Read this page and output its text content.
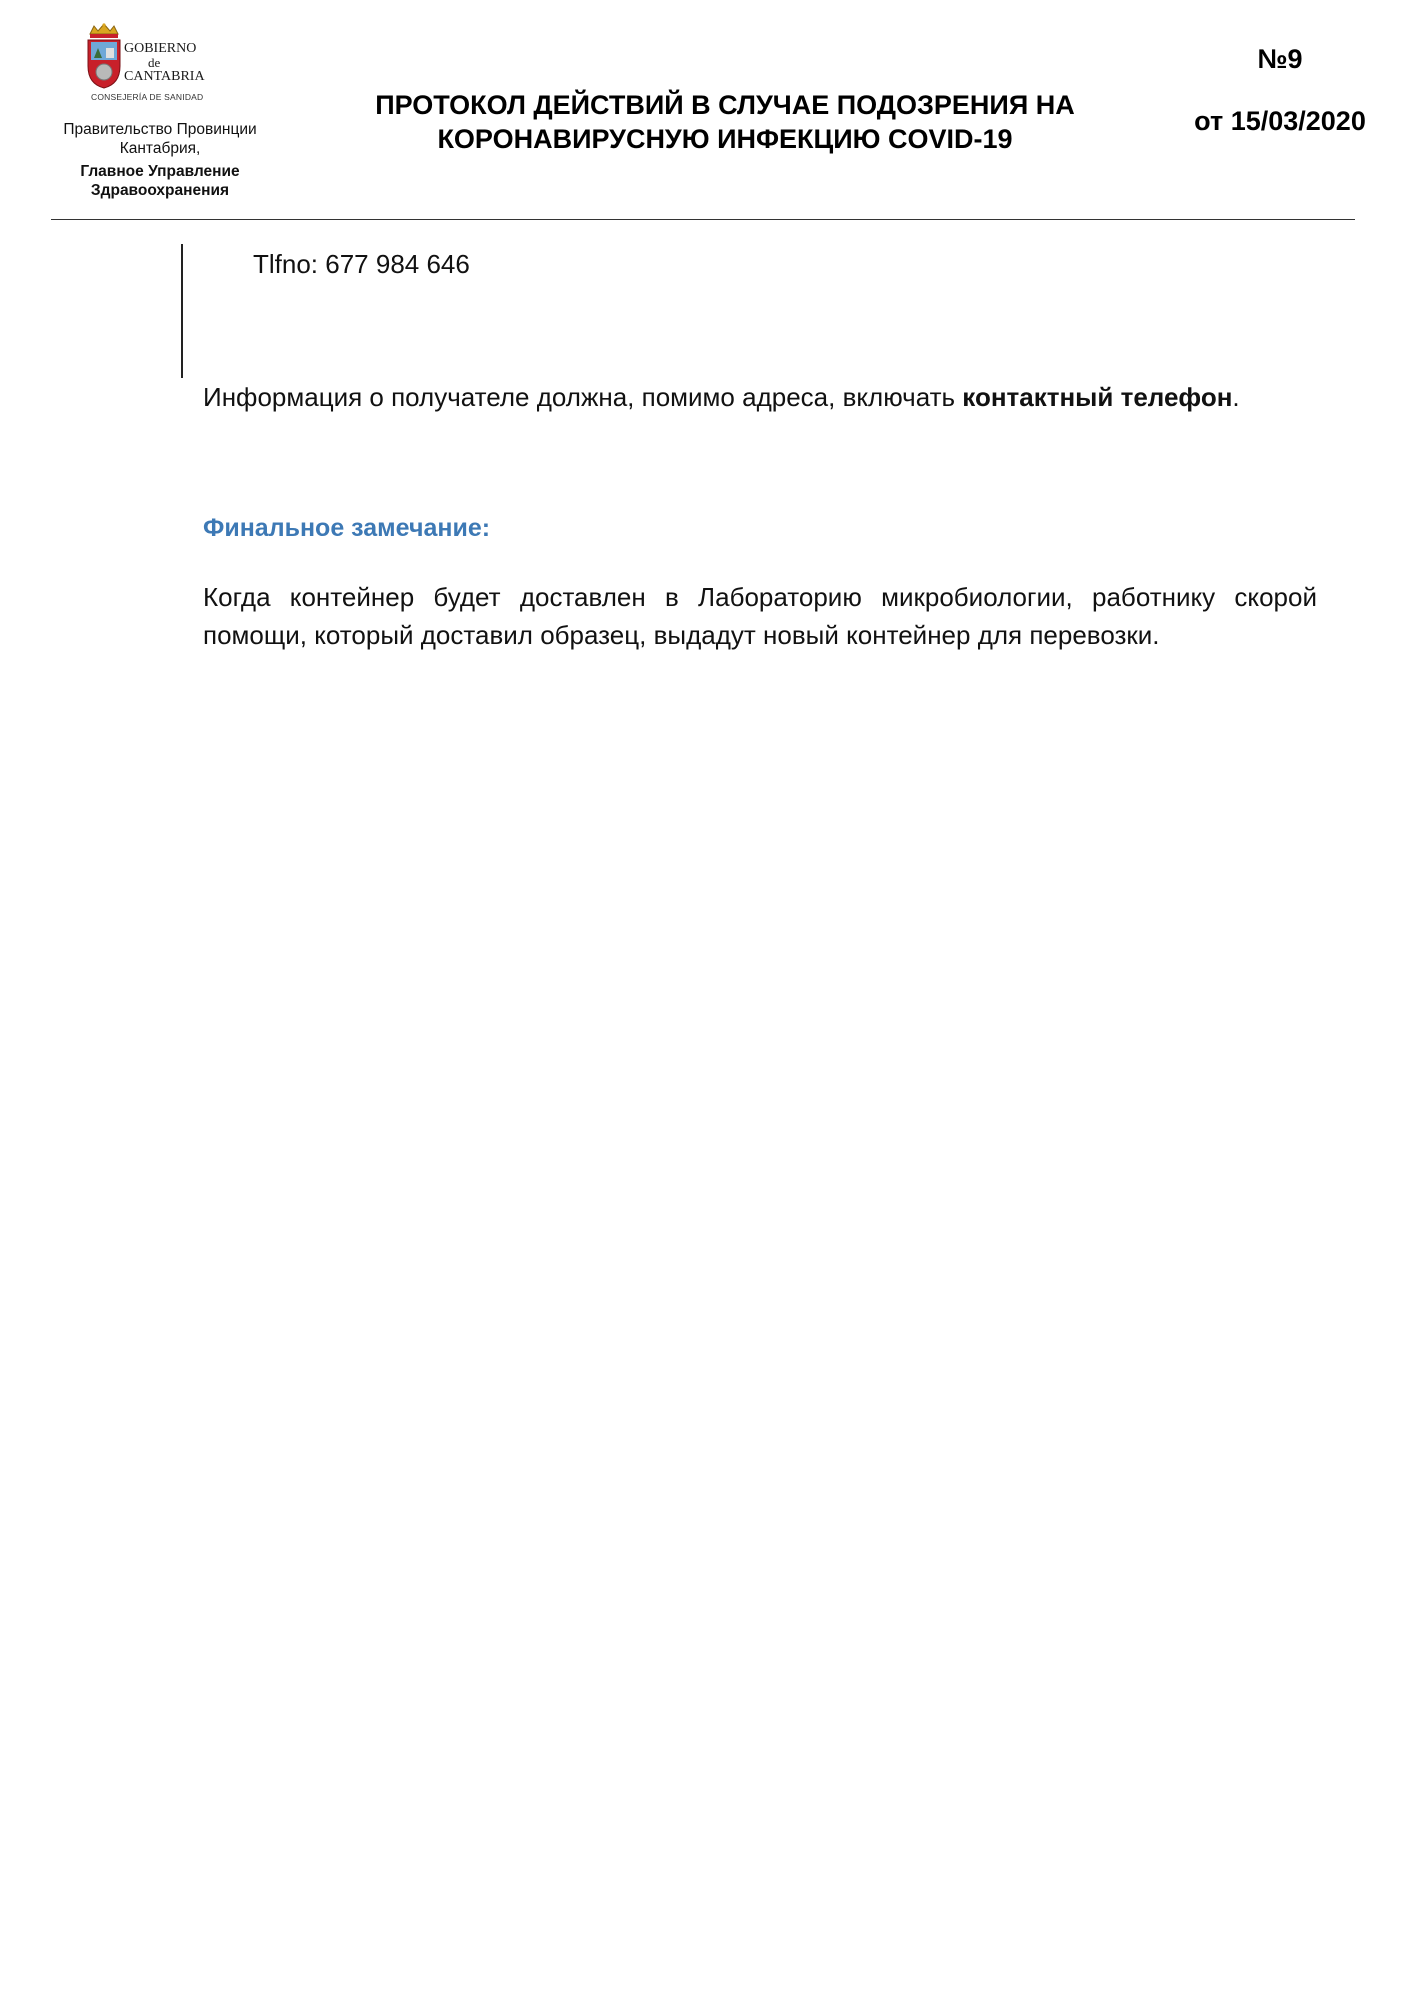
GOBIERNO
de
CANTABRIA
CONSEJERÍA DE SANIDAD
Правительство Провинции
Кантабрия,
Главное Управление
Здравоохранения
ПРОТОКОЛ ДЕЙСТВИЙ В СЛУЧАЕ ПОДОЗРЕНИЯ НА
КОРОНАВИРУСНУЮ ИНФЕКЦИЮ COVID-19
№9
от 15/03/2020
Tlfno: 677 984 646
Информация о получателе должна, помимо адреса, включать контактный телефон.
Финальное замечание:
Когда контейнер будет доставлен в Лабораторию микробиологии, работнику скорой
помощи, который доставил образец, выдадут новый контейнер для перевозки.
